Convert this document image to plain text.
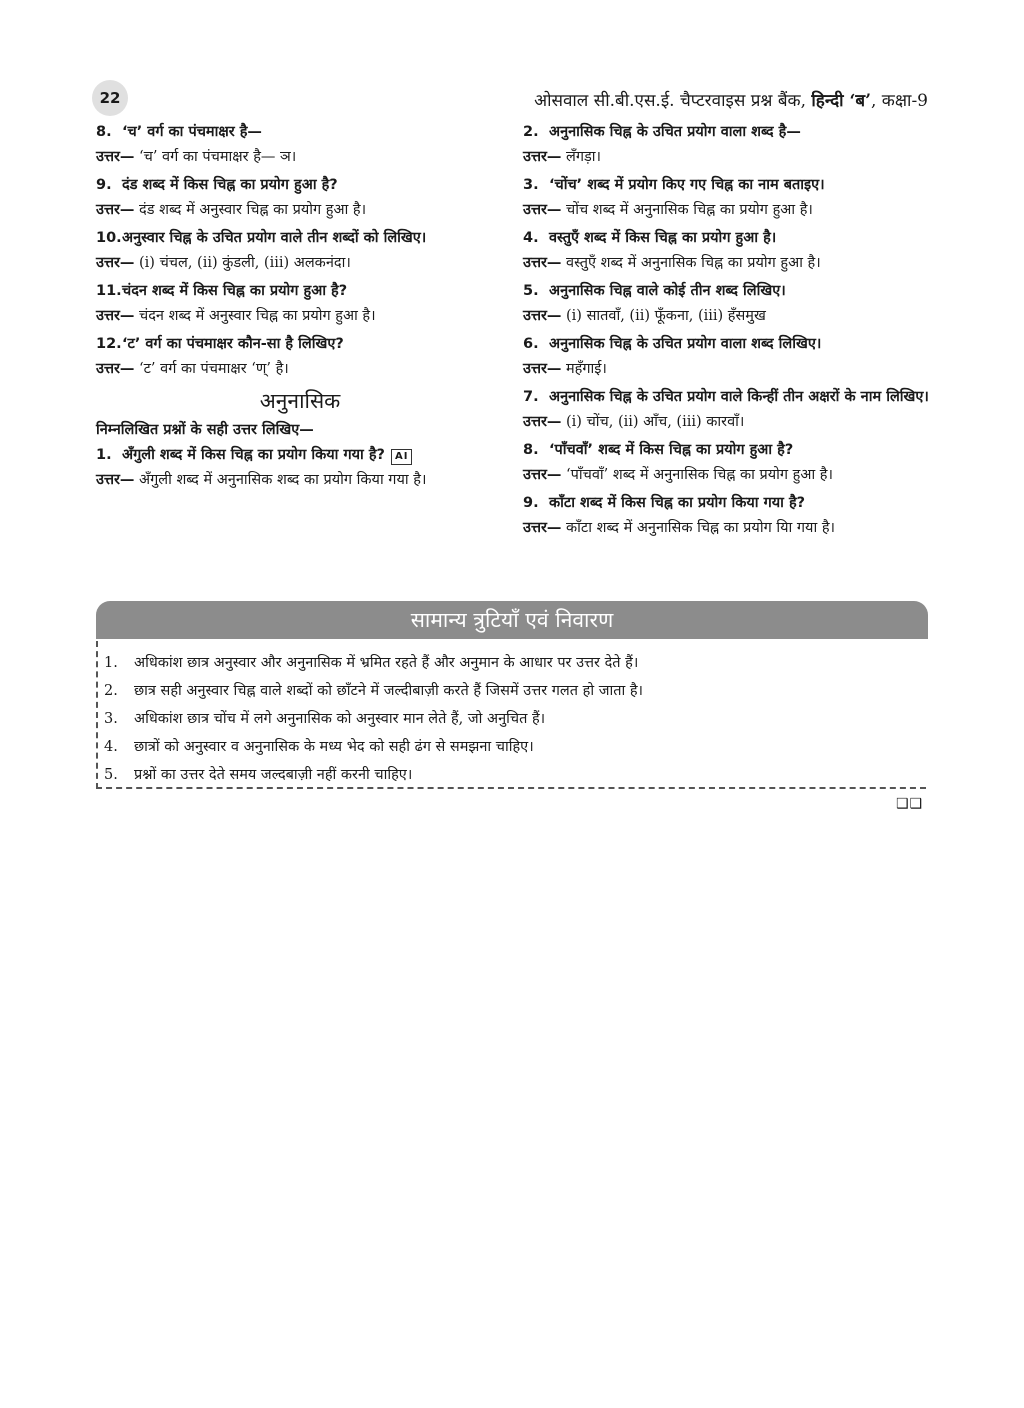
22	ओसवाल सी.बी.एस.ई. चैप्टरवाइस प्रश्न बैंक, हिन्दी ‘ब’, कक्षा-9

8. ‘च’ वर्ग का पंचमाक्षर है—

उत्तर— ‘च’ वर्ग का पंचमाक्षर है— ञ।

9. दंड शब्द में किस चिह्न का प्रयोग हुआ है?

उत्तर— दंड शब्द में अनुस्वार चिह्न का प्रयोग हुआ है।

10.अनुस्वार चिह्न के उचित प्रयोग वाले तीन शब्दों को लिखिए।

उत्तर— (i) चंचल, (ii) कुंडली, (iii) अलकनंदा।

11.चंदन शब्द में किस चिह्न का प्रयोग हुआ है?

उत्तर— चंदन शब्द में अनुस्वार चिह्न का प्रयोग हुआ है।

12.‘ट’ वर्ग का पंचमाक्षर कौन-सा है लिखिए?

उत्तर— ‘ट’ वर्ग का पंचमाक्षर ‘ण्’ है।

अनुनासिक

निम्नलिखित प्रश्नों के सही उत्तर लिखिए—

1. अँगुली शब्द में किस चिह्न का प्रयोग किया गया है? AI

उत्तर— अँगुली शब्द में अनुनासिक शब्द का प्रयोग किया गया है।

2. अनुनासिक चिह्न के उचित प्रयोग वाला शब्द है—

उत्तर— लँगड़ा।

3. ‘चोंच’ शब्द में प्रयोग किए गए चिह्न का नाम बताइए।

उत्तर— चोंच शब्द में अनुनासिक चिह्न का प्रयोग हुआ है।

4. वस्तुएँ शब्द में किस चिह्न का प्रयोग हुआ है।

उत्तर— वस्तुएँ शब्द में अनुनासिक चिह्न का प्रयोग हुआ है।

5. अनुनासिक चिह्न वाले कोई तीन शब्द लिखिए।

उत्तर— (i) सातवाँ, (ii) फूँकना, (iii) हँसमुख

6. अनुनासिक चिह्न के उचित प्रयोग वाला शब्द लिखिए।

उत्तर— महँगाई।

7. अनुनासिक चिह्न के उचित प्रयोग वाले किन्हीं तीन अक्षरों के नाम लिखिए।

उत्तर— (i) चोंच, (ii) आँच, (iii) कारवाँ।

8. ‘पाँचवाँ’ शब्द में किस चिह्न का प्रयोग हुआ है?

उत्तर— ‘पाँचवाँ’ शब्द में अनुनासिक चिह्न का प्रयोग हुआ है।

9. काँटा शब्द में किस चिह्न का प्रयोग किया गया है?

उत्तर— काँटा शब्द में अनुनासिक चिह्न का प्रयोग यिा गया है।

सामान्य त्रुटियाँ एवं निवारण

1. अधिकांश छात्र अनुस्वार और अनुनासिक में भ्रमित रहते हैं और अनुमान के आधार पर उत्तर देते हैं।

2. छात्र सही अनुस्वार चिह्न वाले शब्दों को छाँटने में जल्दीबाज़ी करते हैं जिसमें उत्तर गलत हो जाता है।

3. अधिकांश छात्र चोंच में लगे अनुनासिक को अनुस्वार मान लेते हैं, जो अनुचित हैं।

4. छात्रों को अनुस्वार व अनुनासिक के मध्य भेद को सही ढंग से समझना चाहिए।

5. प्रश्नों का उत्तर देते समय जल्दबाज़ी नहीं करनी चाहिए।

❑❑
